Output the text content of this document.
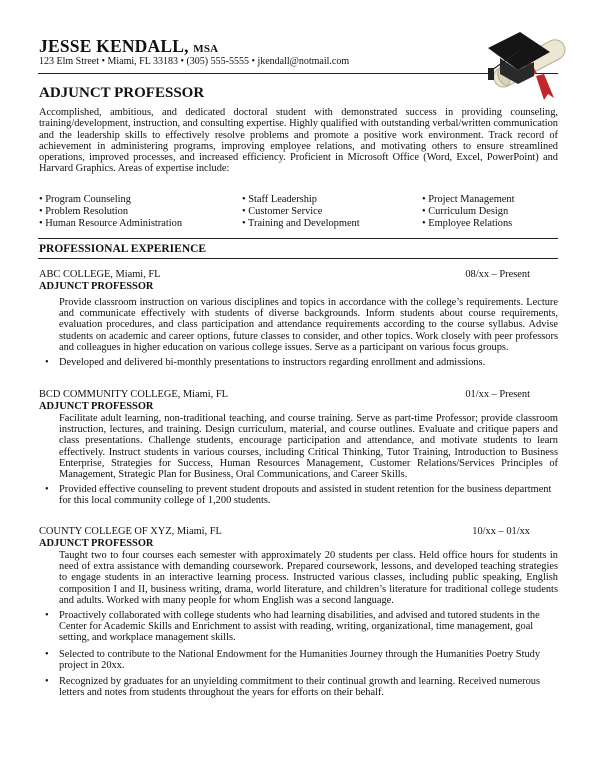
JESSE KENDALL, MSA
123 Elm Street • Miami, FL 33183 • (305) 555-5555 • jkendall@notmail.com
ADJUNCT PROFESSOR
Accomplished, ambitious, and dedicated doctoral student with demonstrated success in providing counseling, training/development, instruction, and consulting expertise. Highly qualified with outstanding verbal/written communication and the leadership skills to effectively resolve problems and promote a positive work environment. Track record of achievement in administering programs, improving employee relations, and motivating others to ensure streamlined operations, improved processes, and increased efficiency. Proficient in Microsoft Office (Word, Excel, PowerPoint) and Harvard Graphics. Areas of expertise include:
• Program Counseling
• Problem Resolution
• Human Resource Administration
• Staff Leadership
• Customer Service
• Training and Development
• Project Management
• Curriculum Design
• Employee Relations
PROFESSIONAL EXPERIENCE
ABC COLLEGE, Miami, FL	08/xx – Present
ADJUNCT PROFESSOR
Provide classroom instruction on various disciplines and topics in accordance with the college’s requirements. Lecture and communicate effectively with students of diverse backgrounds. Inform students about course requirements, evaluation procedures, and class participation and attendance requirements according to the course syllabus. Advise students on academic and career options, future classes to consider, and other topics. Work closely with peer professors and colleagues in higher education on various college issues. Serve as a participant on various focus groups.
• Developed and delivered bi-monthly presentations to instructors regarding enrollment and admissions.
BCD COMMUNITY COLLEGE, Miami, FL	01/xx – Present
ADJUNCT PROFESSOR
Facilitate adult learning, non-traditional teaching, and course training. Serve as part-time Professor; provide classroom instruction, lectures, and training. Design curriculum, material, and course outlines. Evaluate and critique papers and class presentations. Challenge students, encourage participation and attendance, and motivate students to learn effectively. Instruct students in various courses, including Critical Thinking, Tutor Training, Introduction to Business Enterprise, Strategies for Success, Human Resources Management, Customer Relations/Services Principles of Management, Strategic Plan for Business, Oral Communications, and Career Skills.
• Provided effective counseling to prevent student dropouts and assisted in student retention for the business department for this local community college of 1,200 students.
COUNTY COLLEGE OF XYZ, Miami, FL	10/xx – 01/xx
ADJUNCT PROFESSOR
Taught two to four courses each semester with approximately 20 students per class. Held office hours for students in need of extra assistance with demanding coursework. Prepared coursework, lessons, and developed teaching strategies to engage students in an interactive learning process. Instructed various classes, including public speaking, English composition I and II, business writing, drama, world literature, and children’s literature for traditional college students and adults. Worked with many people for whom English was a second language.
• Proactively collaborated with college students who had learning disabilities, and advised and tutored students in the Center for Academic Skills and Enrichment to assist with reading, writing, organizational, time management, goal setting, and workplace management skills.
• Selected to contribute to the National Endowment for the Humanities Journey through the Humanities Poetry Study project in 20xx.
• Recognized by graduates for an unyielding commitment to their continual growth and learning. Received numerous letters and notes from students throughout the years for efforts on their behalf.
